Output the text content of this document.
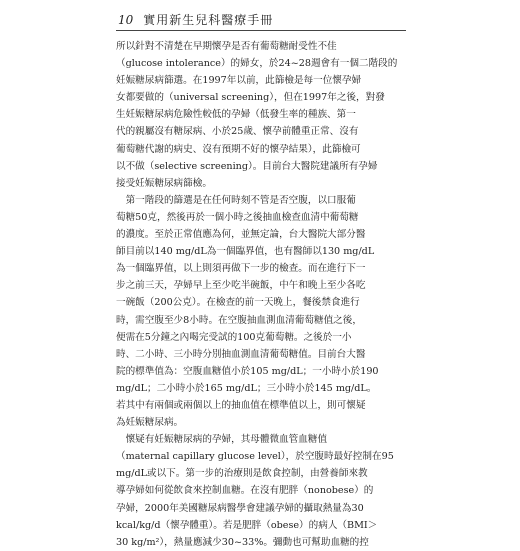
10 實用新生兒科醫療手冊
所以針對不清楚在早期懷孕是否有葡萄糖耐受性不佳
（glucose intolerance）的婦女，於24~28週會有一個二階段的
妊娠糖尿病篩選。在1997年以前，此篩檢是每一位懷孕婦
女都要做的（universal screening），但在1997年之後，對發
生妊娠糖尿病危險性較低的孕婦（低發生率的種族、第一
代的親屬沒有糖尿病、小於25歲、懷孕前體重正常、沒有
葡萄糖代謝的病史、沒有預期不好的懷孕結果），此篩檢可
以不做（selective screening）。目前台大醫院建議所有孕婦
接受妊娠糖尿病篩檢。
　第一階段的篩選是在任何時刻不管是否空腹，以口服葡
萄糖50克，然後再於一個小時之後抽血檢查血清中葡萄糖
的濃度。至於正常值應為何，並無定論，台大醫院大部分醫
師目前以140 mg/dL為一個臨界值，也有醫師以130 mg/dL
為一個臨界值，以上則須再做下一步的檢查。而在進行下一
步之前三天，孕婦早上至少吃半碗飯，中午和晚上至少各吃
一碗飯（200公克）。在檢查的前一天晚上，餐後禁食進行
時，需空腹至少8小時。在空腹抽血測血清葡萄糖值之後，
便需在5分鐘之內喝完受試的100克葡萄糖。之後於一小
時、二小時、三小時分別抽血測血清葡萄糖值。目前台大醫
院的標準值為：空腹血糖值小於105 mg/dL；一小時小於190
mg/dL；二小時小於165 mg/dL；三小時小於145 mg/dL。
若其中有兩個或兩個以上的抽血值在標準值以上，則可懷疑
為妊娠糖尿病。
　懷疑有妊娠糖尿病的孕婦，其母體微血管血糖值
（maternal capillary glucose level），於空腹時最好控制在95
mg/dL或以下。第一步的治療則是飲食控制，由營養師來教
導孕婦如何從飲食來控制血糖。在沒有肥胖（nonobese）的
孕婦，2000年美國糖尿病醫學會建議孕婦的攝取熱量為30
kcal/kg/d（懷孕體重）。若是肥胖（obese）的病人（BMI＞
30 kg/m²），熱量應減少30~33%。彌動也可幫助血糖的控
